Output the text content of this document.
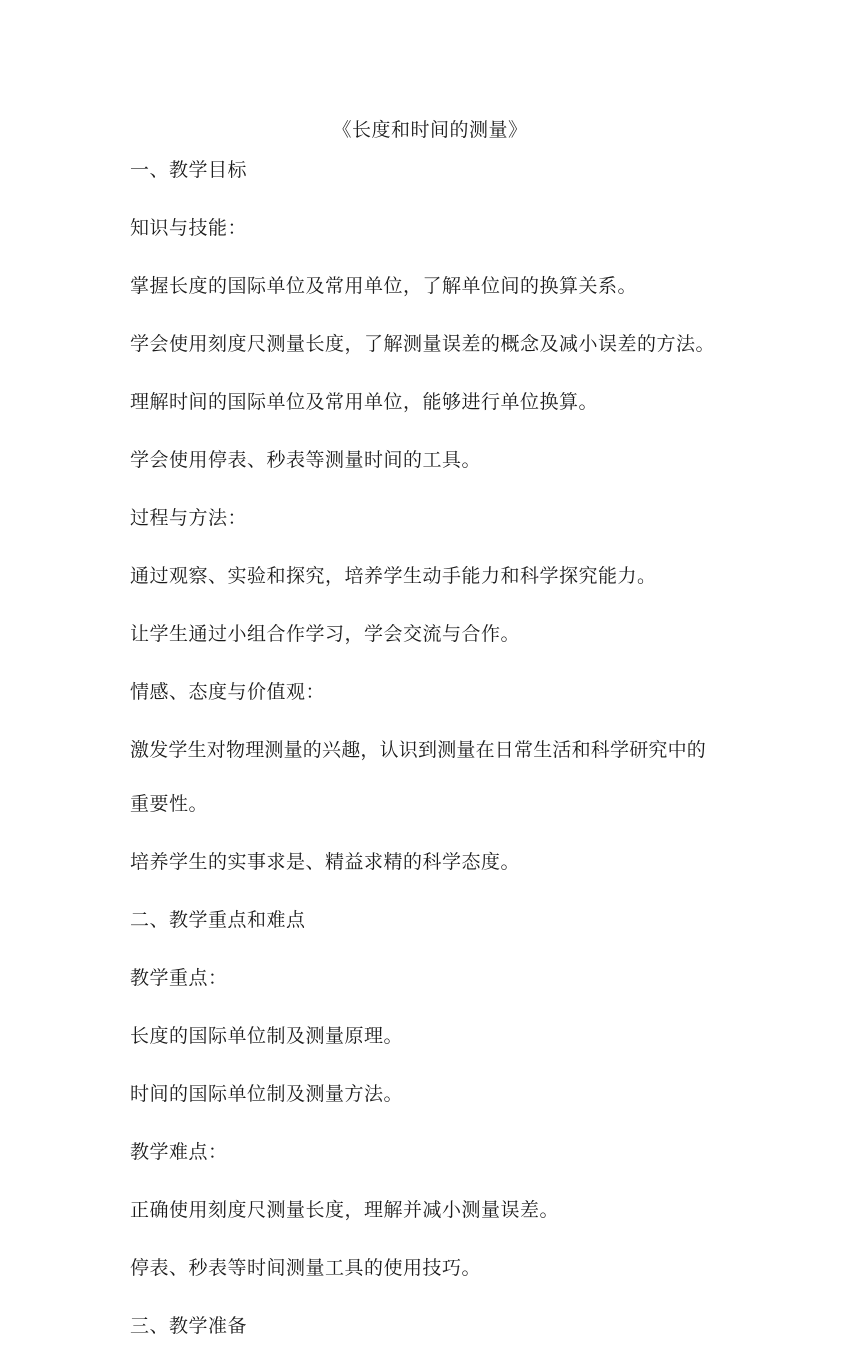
《长度和时间的测量》
一、教学目标
知识与技能：
掌握长度的国际单位及常用单位，了解单位间的换算关系。
学会使用刻度尺测量长度，了解测量误差的概念及减小误差的方法。
理解时间的国际单位及常用单位，能够进行单位换算。
学会使用停表、秒表等测量时间的工具。
过程与方法：
通过观察、实验和探究，培养学生动手能力和科学探究能力。
让学生通过小组合作学习，学会交流与合作。
情感、态度与价值观：
激发学生对物理测量的兴趣，认识到测量在日常生活和科学研究中的
重要性。
培养学生的实事求是、精益求精的科学态度。
二、教学重点和难点
教学重点：
长度的国际单位制及测量原理。
时间的国际单位制及测量方法。
教学难点：
正确使用刻度尺测量长度，理解并减小测量误差。
停表、秒表等时间测量工具的使用技巧。
三、教学准备
